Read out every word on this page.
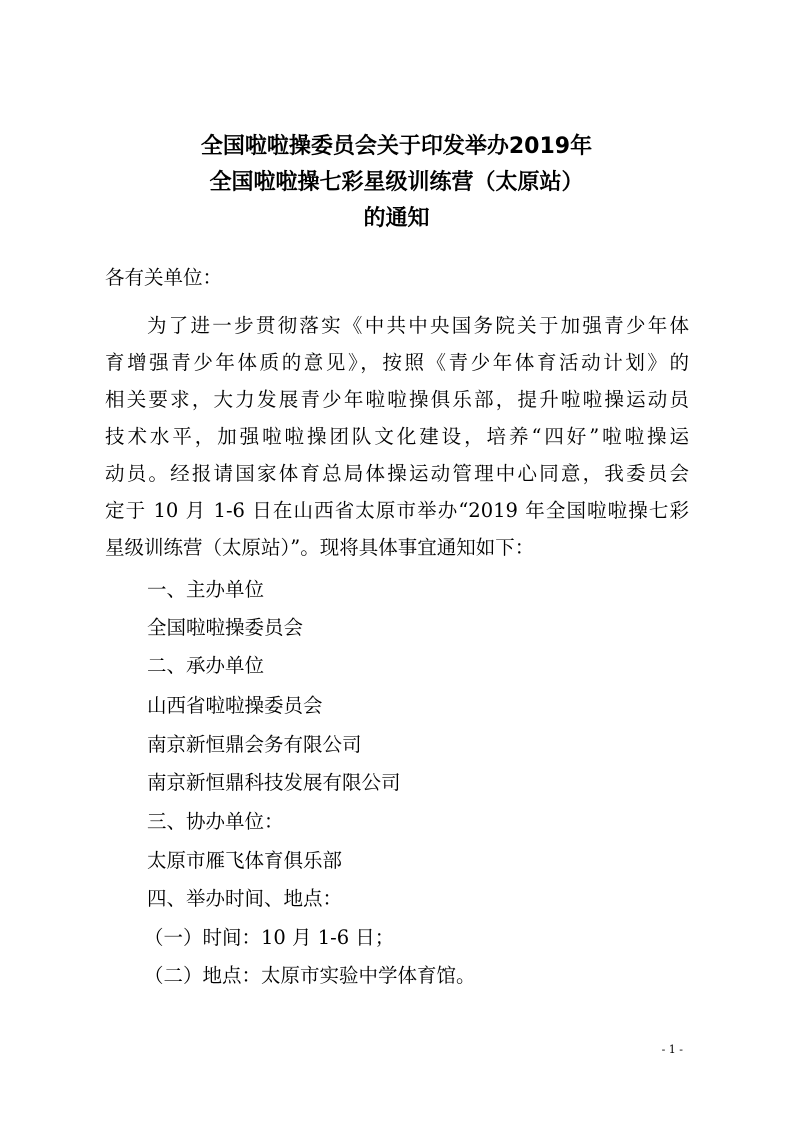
全国啦啦操委员会关于印发举办2019年
全国啦啦操七彩星级训练营（太原站）
的通知
各有关单位：
为了进一步贯彻落实《中共中央国务院关于加强青少年体
育增强青少年体质的意见》，按照《青少年体育活动计划》的
相关要求，大力发展青少年啦啦操俱乐部，提升啦啦操运动员
技术水平，加强啦啦操团队文化建设，培养“四好”啦啦操运
动员。经报请国家体育总局体操运动管理中心同意，我委员会
定于 10 月 1-6 日在山西省太原市举办“2019 年全国啦啦操七彩
星级训练营（太原站）”。现将具体事宜通知如下：
一、主办单位
全国啦啦操委员会
二、承办单位
山西省啦啦操委员会
南京新恒鼎会务有限公司
南京新恒鼎科技发展有限公司
三、协办单位：
太原市雁飞体育俱乐部
四、举办时间、地点：
（一）时间：10 月 1-6 日；
（二）地点：太原市实验中学体育馆。
- 1 -
